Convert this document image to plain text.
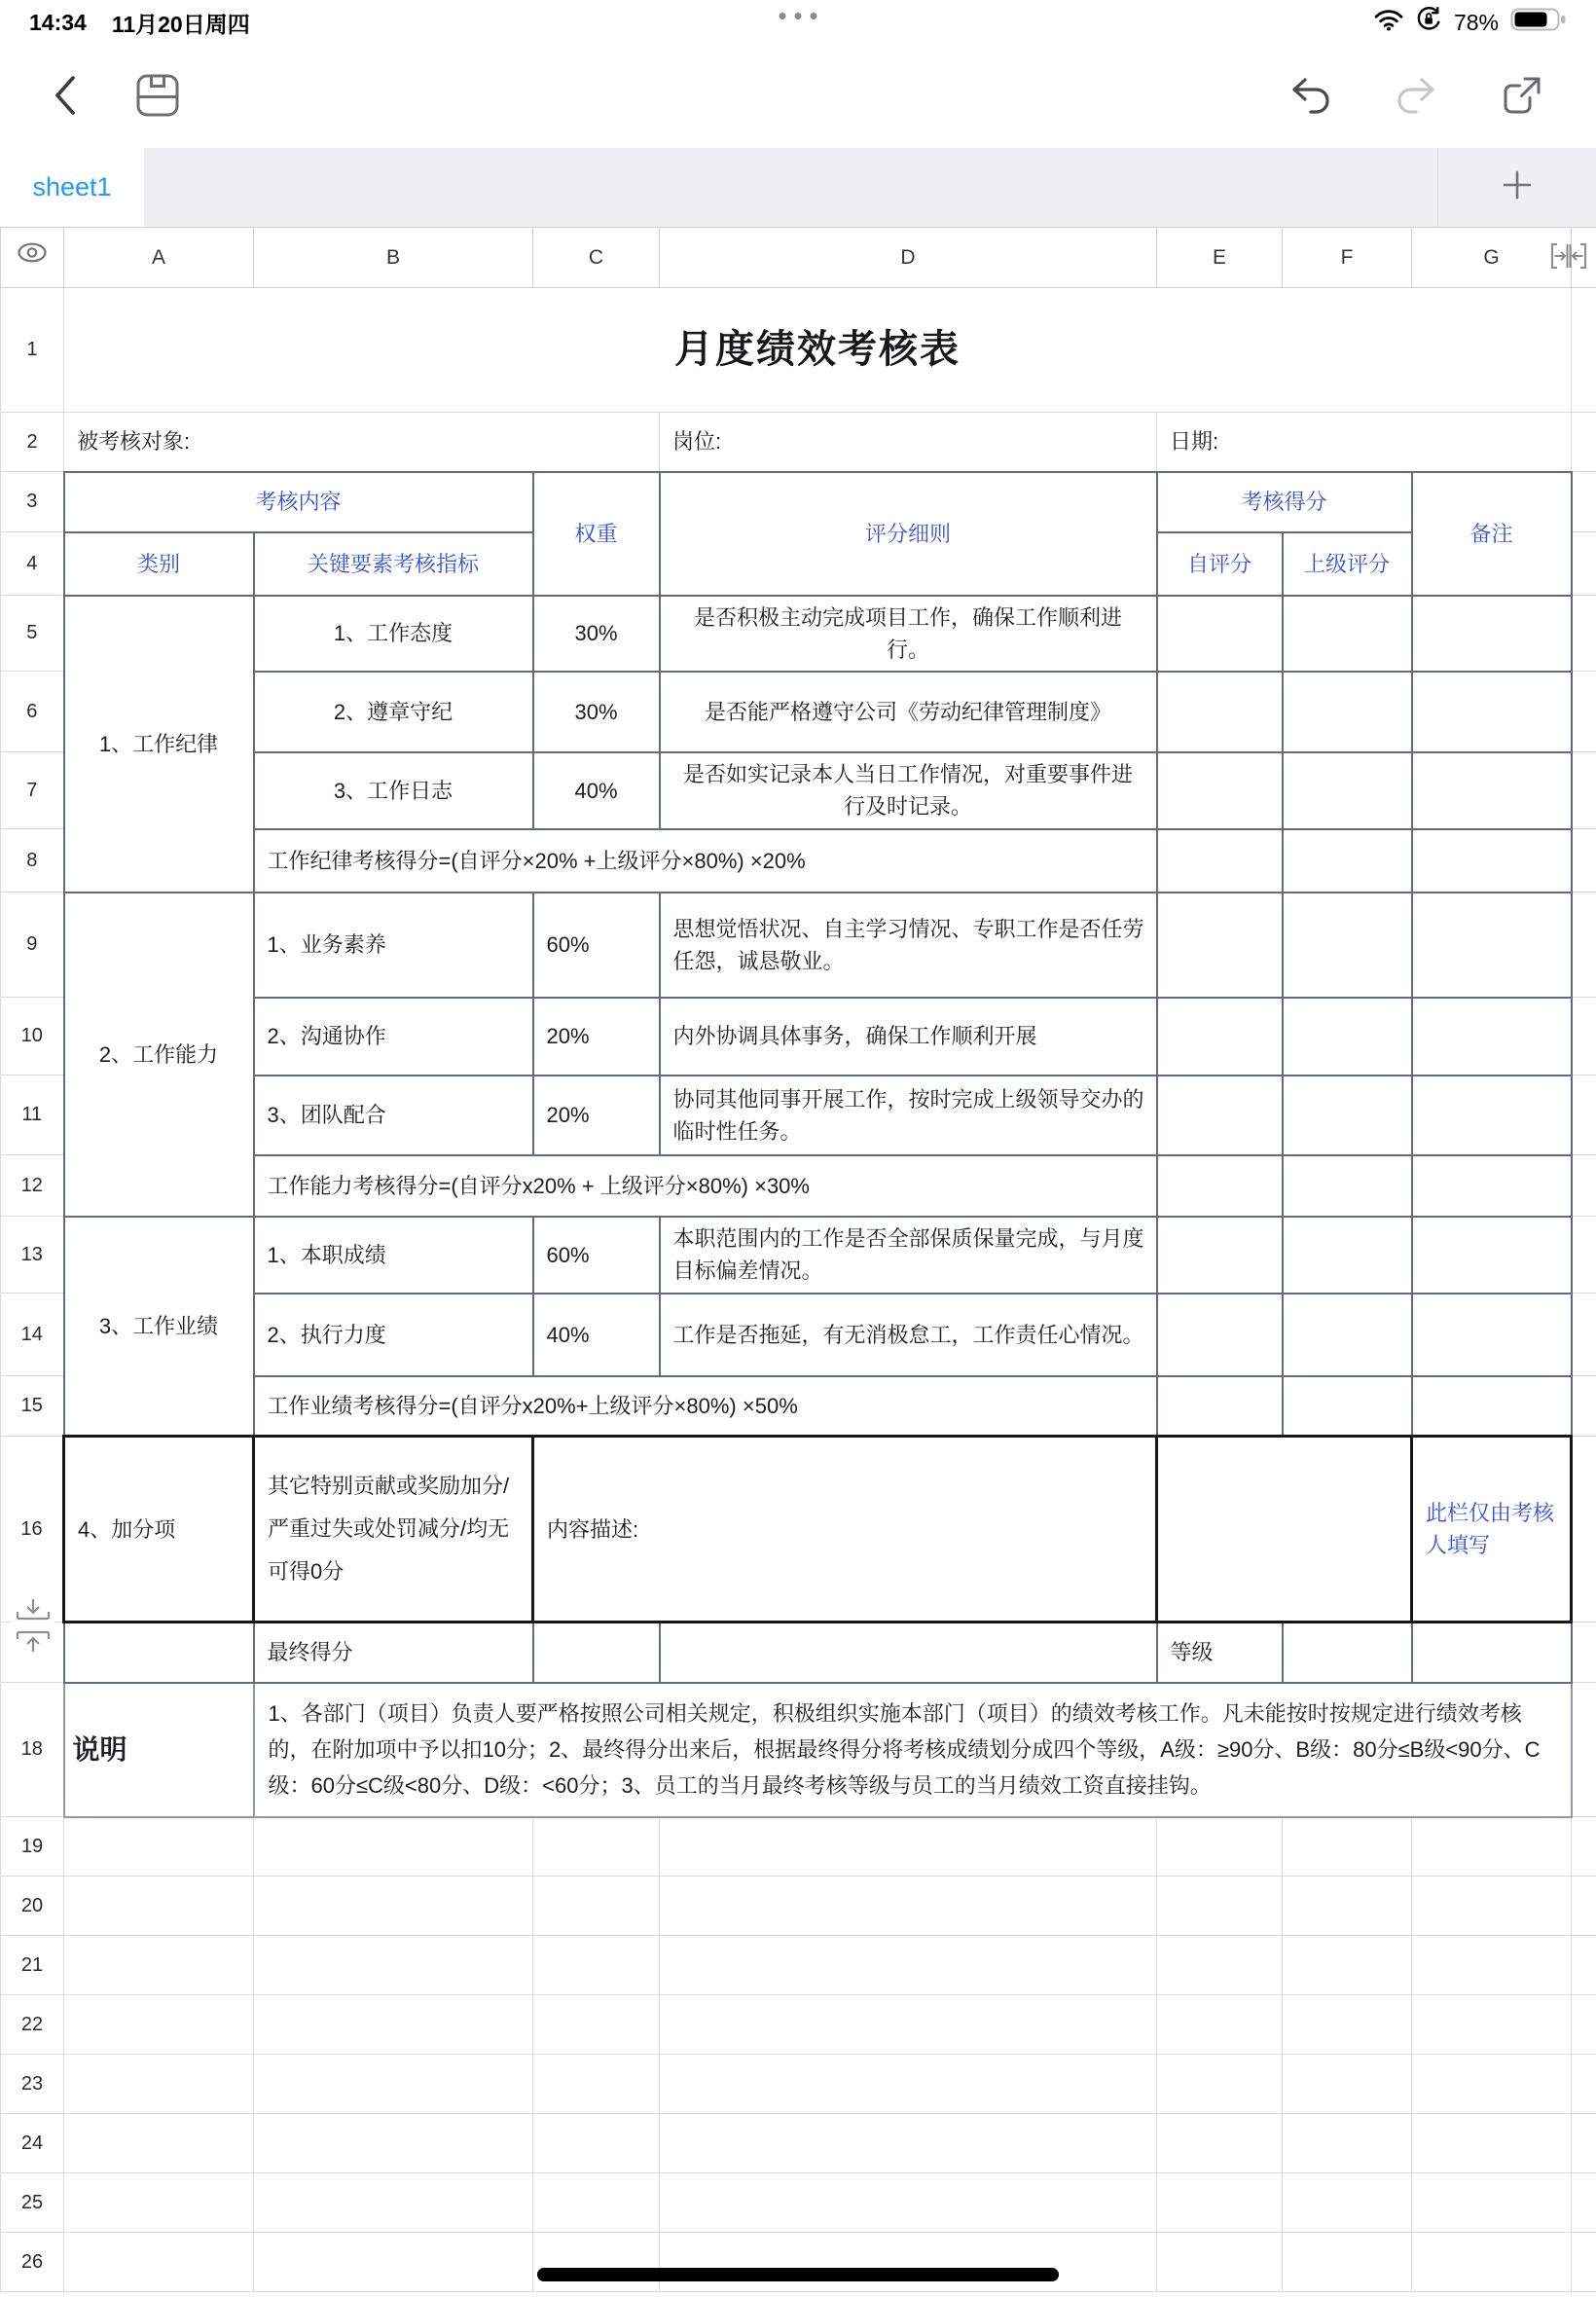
14:34 11月20日周四	78%
sheet1
	A	B	C	D	E	F	G	
1	月度绩效考核表							
2	被考核对象:			岗位:	日期:			
3	考核内容		权重	评分细则	考核得分		备注	
4	类别	关键要素考核指标			自评分	上级评分		
5	1、工作纪律	1、工作态度	30%	是否积极主动完成项目工作，确保工作顺利进行。				
6		2、遵章守纪	30%	是否能严格遵守公司《劳动纪律管理制度》				
7		3、工作日志	40%	是否如实记录本人当日工作情况，对重要事件进行及时记录。				
8		工作纪律考核得分=(自评分×20% +上级评分×80%) ×20%						
9	2、工作能力	1、业务素养	60%	思想觉悟状况、自主学习情况、专职工作是否任劳任怨，诚恳敬业。				
10		2、沟通协作	20%	内外协调具体事务，确保工作顺利开展				
11		3、团队配合	20%	协同其他同事开展工作，按时完成上级领导交办的临时性任务。				
12		工作能力考核得分=(自评分x20% + 上级评分×80%) ×30%						
13	3、工作业绩	1、本职成绩	60%	本职范围内的工作是否全部保质保量完成，与月度目标偏差情况。				
14		2、执行力度	40%	工作是否拖延，有无消极怠工，工作责任心情况。				
15		工作业绩考核得分=(自评分x20%+上级评分×80%) ×50%						
16	4、加分项	其它特别贡献或奖励加分/严重过失或处罚减分/均无可得0分	内容描述:				此栏仅由考核人填写	
		最终得分			等级			
18	说明	1、各部门（项目）负责人要严格按照公司相关规定，积极组织实施本部门（项目）的绩效考核工作。凡未能按时按规定进行绩效考核的，在附加项中予以扣10分；2、最终得分出来后，根据最终得分将考核成绩划分成四个等级，A级：≥90分、B级：80分≤B级<90分、C级：60分≤C级<80分、D级：<60分；3、员工的当月最终考核等级与员工的当月绩效工资直接挂钩。						
19								
20								
21								
22								
23								
24								
25								
26								
